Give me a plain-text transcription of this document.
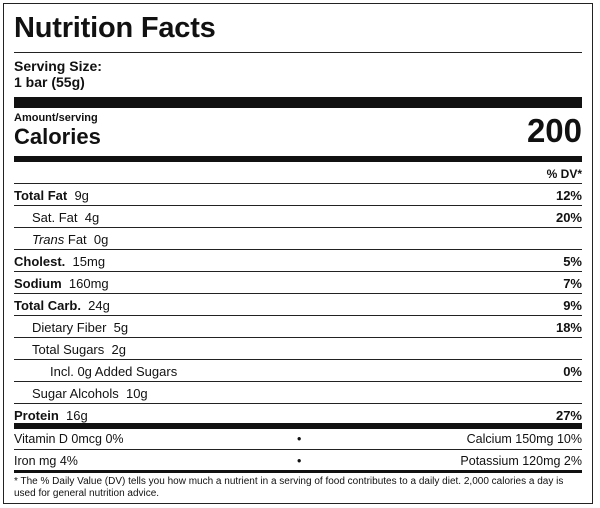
Nutrition Facts
Serving Size:
1 bar (55g)
Amount/serving
Calories	200
% DV*
Total Fat 9g	12%
Sat. Fat 4g	20%
Trans Fat 0g
Cholest. 15mg	5%
Sodium 160mg	7%
Total Carb. 24g	9%
Dietary Fiber 5g	18%
Total Sugars 2g
Incl. 0g Added Sugars	0%
Sugar Alcohols 10g
Protein 16g	27%
Vitamin D 0mcg 0%	•	Calcium 150mg 10%
Iron mg 4%	•	Potassium 120mg 2%
* The % Daily Value (DV) tells you how much a nutrient in a serving of food contributes to a daily diet. 2,000 calories a day is used for general nutrition advice.
